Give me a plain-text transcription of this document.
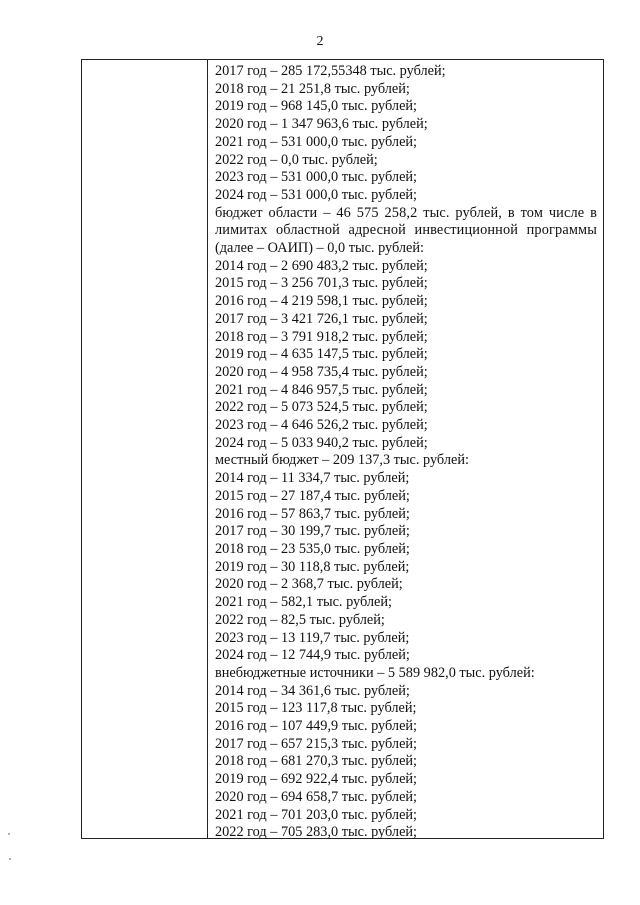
2
2017 год – 285 172,55348 тыс. рублей;
2018 год – 21 251,8 тыс. рублей;
2019 год – 968 145,0 тыс. рублей;
2020 год – 1 347 963,6 тыс. рублей;
2021 год – 531 000,0 тыс. рублей;
2022 год – 0,0 тыс. рублей;
2023 год – 531 000,0 тыс. рублей;
2024 год – 531 000,0 тыс. рублей;
бюджет области – 46 575 258,2 тыс. рублей, в том числе в
лимитах областной адресной инвестиционной программы
(далее – ОАИП) – 0,0 тыс. рублей:
2014 год – 2 690 483,2 тыс. рублей;
2015 год – 3 256 701,3 тыс. рублей;
2016 год – 4 219 598,1 тыс. рублей;
2017 год – 3 421 726,1 тыс. рублей;
2018 год – 3 791 918,2 тыс. рублей;
2019 год – 4 635 147,5 тыс. рублей;
2020 год – 4 958 735,4 тыс. рублей;
2021 год – 4 846 957,5 тыс. рублей;
2022 год – 5 073 524,5 тыс. рублей;
2023 год – 4 646 526,2 тыс. рублей;
2024 год – 5 033 940,2 тыс. рублей;
местный бюджет – 209 137,3 тыс. рублей:
2014 год – 11 334,7 тыс. рублей;
2015 год – 27 187,4 тыс. рублей;
2016 год – 57 863,7 тыс. рублей;
2017 год – 30 199,7 тыс. рублей;
2018 год – 23 535,0 тыс. рублей;
2019 год – 30 118,8 тыс. рублей;
2020 год – 2 368,7 тыс. рублей;
2021 год – 582,1 тыс. рублей;
2022 год – 82,5 тыс. рублей;
2023 год – 13 119,7 тыс. рублей;
2024 год – 12 744,9 тыс. рублей;
внебюджетные источники – 5 589 982,0 тыс. рублей:
2014 год – 34 361,6 тыс. рублей;
2015 год – 123 117,8 тыс. рублей;
2016 год – 107 449,9 тыс. рублей;
2017 год – 657 215,3 тыс. рублей;
2018 год – 681 270,3 тыс. рублей;
2019 год – 692 922,4 тыс. рублей;
2020 год – 694 658,7 тыс. рублей;
2021 год – 701 203,0 тыс. рублей;
2022 год – 705 283,0 тыс. рублей;
